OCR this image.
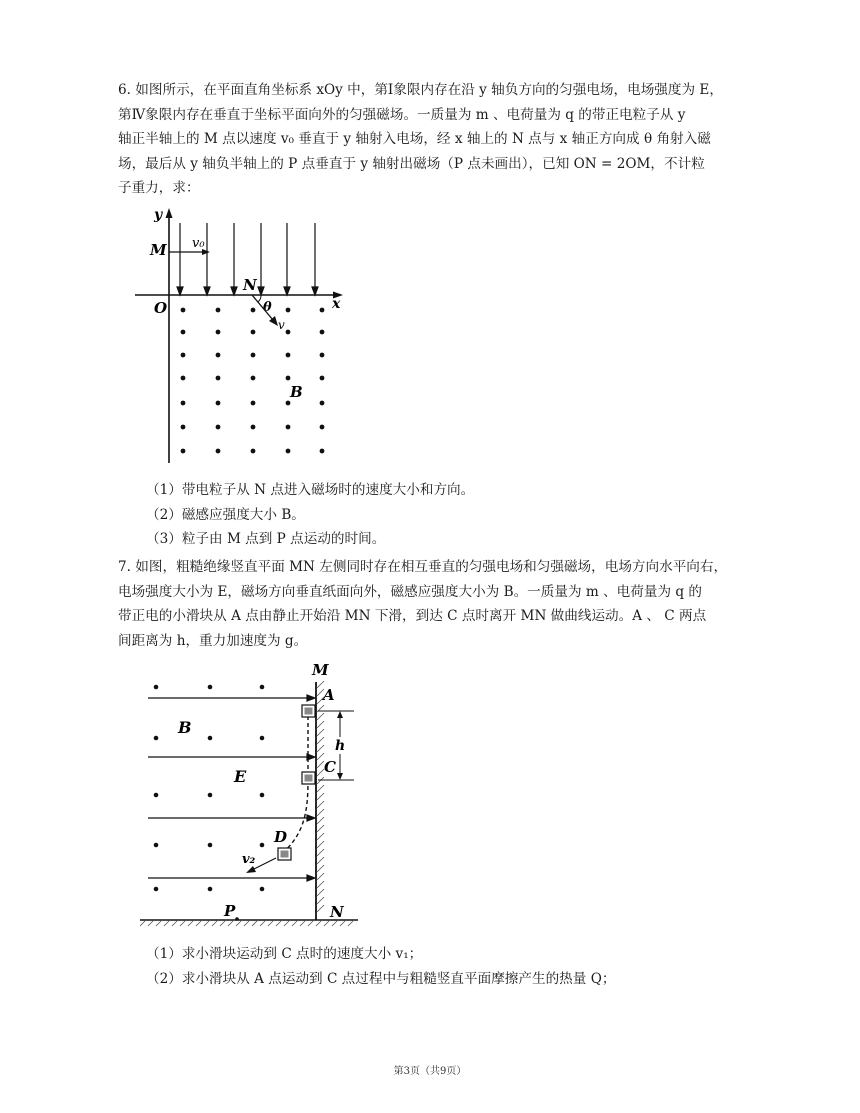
6. 如图所示，在平面直角坐标系 xOy 中，第Ⅰ象限内存在沿 y 轴负方向的匀强电场，电场强度为 E，

第Ⅳ象限内存在垂直于坐标平面向外的匀强磁场。一质量为 m 、电荷量为 q 的带正电粒子从 y

轴正半轴上的 M 点以速度 v₀ 垂直于 y 轴射入电场，经 x 轴上的 N 点与 x 轴正方向成 θ 角射入磁

场，最后从 y 轴负半轴上的 P 点垂直于 y 轴射出磁场（P 点未画出），已知 ON = 2OM，不计粒

子重力，求：

v₀
M
y
x
O
N
θ
v
B
（1）带电粒子从 N 点进入磁场时的速度大小和方向。
（2）磁感应强度大小 B。
（3）粒子由 M 点到 P 点运动的时间。

7. 如图，粗糙绝缘竖直平面 MN 左侧同时存在相互垂直的匀强电场和匀强磁场，电场方向水平向右，

电场强度大小为 E，磁场方向垂直纸面向外，磁感应强度大小为 B。一质量为 m 、电荷量为 q 的

带正电的小滑块从 A 点由静止开始沿 MN 下滑，到达 C 点时离开 MN 做曲线运动。A 、 C 两点

间距离为 h，重力加速度为 g。

v₂
h
M
A
C
N
B
E
D
P
（1）求小滑块运动到 C 点时的速度大小 v₁；
（2）求小滑块从 A 点运动到 C 点过程中与粗糙竖直平面摩擦产生的热量 Q；
第3页（共9页）
